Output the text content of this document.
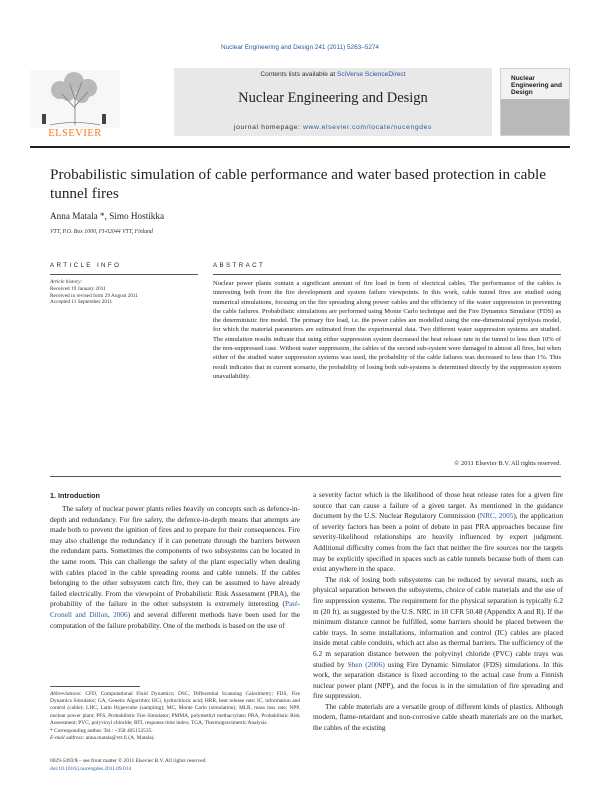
Nuclear Engineering and Design 241 (2011) 5263–5274
ELSEVIER
Contents lists available at SciVerse ScienceDirect
Nuclear Engineering and Design
journal homepage: www.elsevier.com/locate/nucengdes
Nuclear Engineering and Design
Probabilistic simulation of cable performance and water based protection in cable tunnel fires
Anna Matala *, Simo Hostikka
VTT, P.O. Box 1000, FI-02044 VTT, Finland
ARTICLE INFO
Article history:
Received 19 January 2011
Received in revised form 29 August 2011
Accepted 11 September 2011
ABSTRACT
Nuclear power plants contain a significant amount of fire load in form of electrical cables. The performance of the cables is interesting both from the fire development and system failure viewpoints. In this work, cable tunnel fires are studied using numerical simulations, focusing on the fire spreading along power cables and the efficiency of the water suppression in preventing the cable failures. Probabilistic simulations are performed using Monte Carlo technique and the Fire Dynamics Simulator (FDS) as the deterministic fire model. The primary fire load, i.e. the power cables are modelled using the one-dimensional pyrolysis model, for which the material parameters are estimated from the experimental data. Two different water suppression systems are studied. The simulation results indicate that using either suppression system decreased the heat release rate in the tunnel to less than 10% of the non-suppressed case. Without water suppression, the cables of the second sub-system were damaged in almost all fires, but when either of the studied water suppression systems was used, the probability of the cable failures was decreased to less than 1%. This result indicates that in current scenario, the probability of losing both sub-systems is determined directly by the suppression system unavailability.
© 2011 Elsevier B.V. All rights reserved.
1. Introduction

The safety of nuclear power plants relies heavily on concepts such as defence-in-depth and redundancy. For fire safety, the defence-in-depth means that attempts are made both to prevent the ignition of fires and to prepare for their consequences. Fire may also challenge the redundancy if it can penetrate through the barriers between the redundant parts. Sometimes the components of two subsystems can be located in the same room. This can challenge the safety of the plant especially when dealing with cables placed in the cable spreading rooms and cable tunnels. If the cables belonging to the other subsystem catch fire, they can be assumed to have already failed electrically. From the viewpoint of Probabilistic Risk Assessment (PRA), the probability of the failure in the other subsystem is extremely interesting (Paté-Cronell and Dillon, 2006) and several different methods have been used for the computation of the failure probability. One of the methods is based on the use of

a severity factor which is the likelihood of those heat release rates for a given fire source that can cause a failure of a given target. As mentioned in the guidance document by the U.S. Nuclear Regulatory Commission (NRC, 2005), the application of severity factors has been a point of debate in past PRA approaches because fire severity-likelihood relationships are heavily influenced by expert judgment. Additional difficulty comes from the fact that neither the fire sources nor the targets may be explicitly specified in spaces such as cable tunnels because both of them can exist anywhere in the space.

The risk of losing both subsystems can be reduced by several means, such as physical separation between the subsystems, choice of cable materials and the use of fire suppression systems. The requirement for the physical separation is typically 6.2 m (20 ft), as suggested by the U.S. NRC in 10 CFR 50.48 (Appendix A and R). If the minimum distance cannot be fulfilled, some barriers should be placed between the cable trays. In some installations, information and control (IC) cables are placed inside metal cable conduits, which act also as thermal barriers. The sufficiency of the 6.2 m separation distance between the polyvinyl chloride (PVC) cable trays was studied by Shen (2006) using Fire Dynamic Simulator (FDS) simulations. In this work, the separation distance is fixed according to the actual case from a Finnish nuclear power plant (NPP), and the focus is in the simulation of fire spreading and fire suppression.

The cable materials are a versatile group of different kinds of plastics. Although modern, flame-retardant and non-corrosive cable sheath materials are on the market, the cables of the existing

Abbreviations: CFD, Computational Fluid Dynamics; DSC, Differential Scanning Calorimetry; FDS, Fire Dynamics Simulator; GA, Genetic Algorithm; HCl, hydrochloric acid; HRR, heat release rate; IC, information and control (cable); LHC, Latin Hypercube (sampling); MC, Monte Carlo (simulation); MLR, mass loss rate; NPP, nuclear power plant; PFS, Probabilistic Fire Simulator; PMMA, polymethyl methacrylate; PRA, Probabilistic Risk Assessment; PVC, polyvinyl chloride; RTI, response time index; TGA, Thermogravimetric Analysis.
* Corresponding author. Tel.: +358 405152535.
E-mail address: anna.matala@vtt.fi (A. Matala).
0029-5493/$ – see front matter © 2011 Elsevier B.V. All rights reserved.
doi:10.1016/j.nucengdes.2011.09.014
